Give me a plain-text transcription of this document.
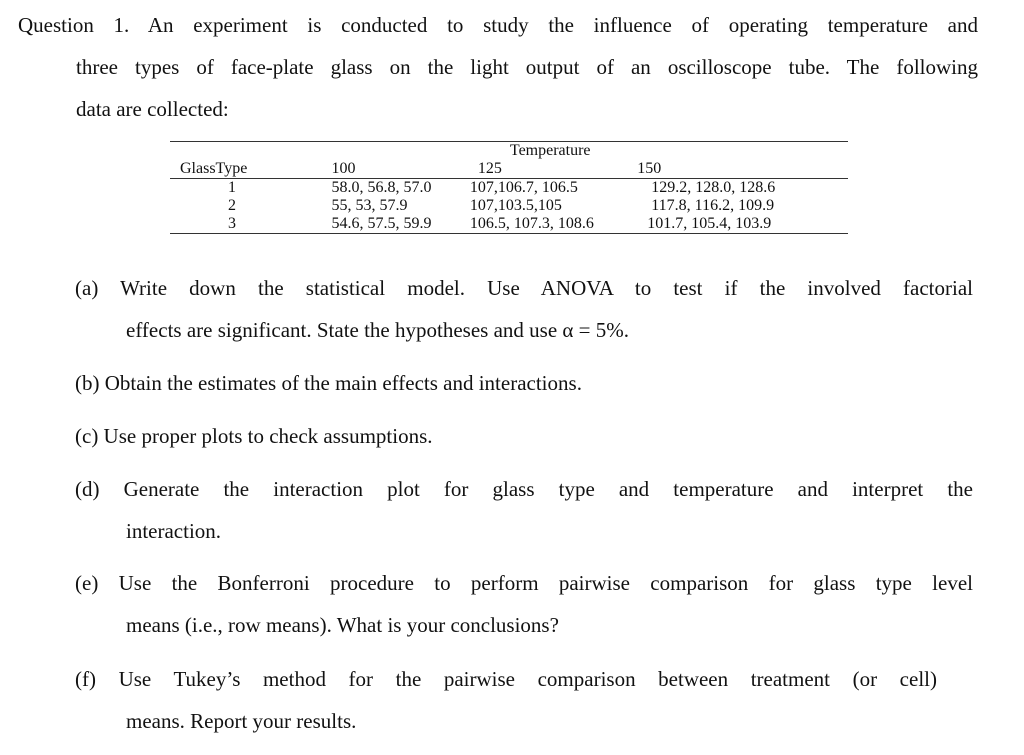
Question 1. An experiment is conducted to study the influence of operating temperature and
three types of face-plate glass on the light output of an oscilloscope tube. The following
data are collected:
		Temperature	
GlassType	100	125	150
1	58.0, 56.8, 57.0	107,106.7, 106.5	129.2, 128.0, 128.6
2	55, 53, 57.9	107,103.5,105	117.8, 116.2, 109.9
3	54.6, 57.5, 59.9	106.5, 107.3, 108.6	101.7, 105.4, 103.9
(a) Write down the statistical model. Use ANOVA to test if the involved factorial
effects are significant. State the hypotheses and use α = 5%.
(b) Obtain the estimates of the main effects and interactions.
(c) Use proper plots to check assumptions.
(d) Generate the interaction plot for glass type and temperature and interpret the
interaction.
(e) Use the Bonferroni procedure to perform pairwise comparison for glass type level
means (i.e., row means). What is your conclusions?
(f) Use Tukey’s method for the pairwise comparison between treatment (or cell)
means. Report your results.
